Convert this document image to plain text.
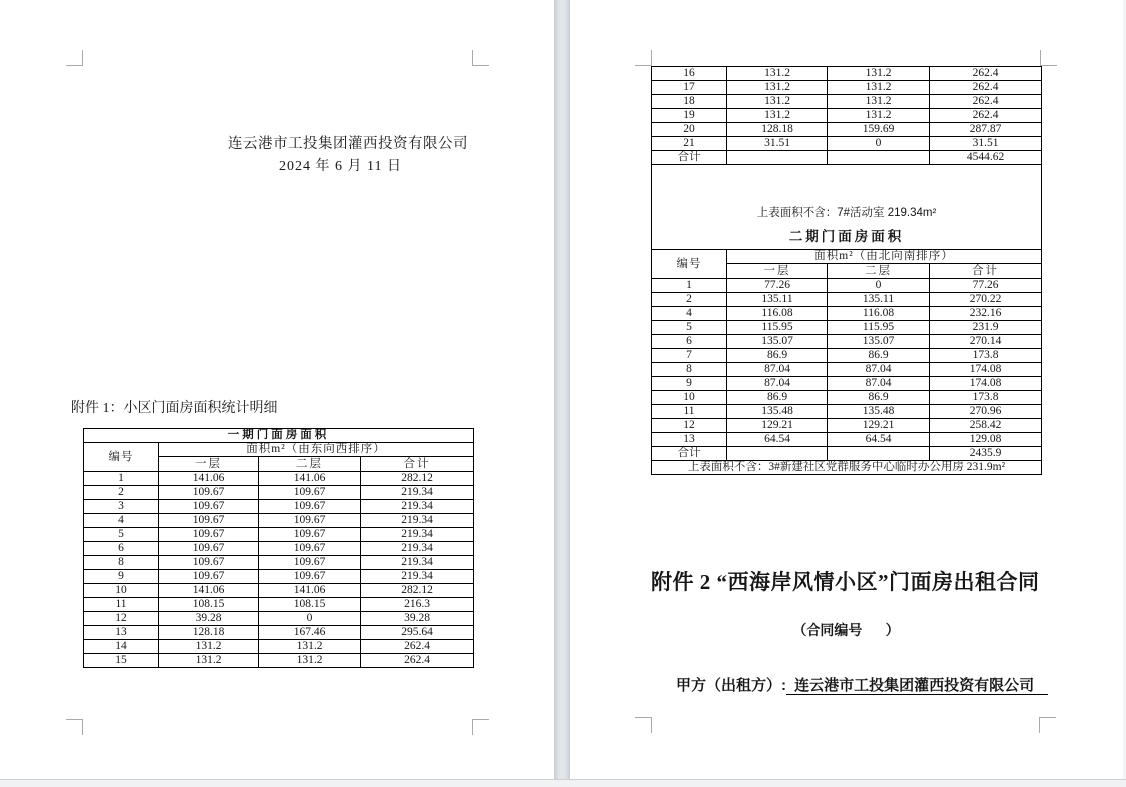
连云港市工投集团灌西投资有限公司
2024 年 6 月 11 日
附件 1：小区门面房面积统计明细
一期门面房面积			
编号	面积m²（由东向西排序）		
	一层	二层	合计
1	141.06	141.06	282.12
2	109.67	109.67	219.34
3	109.67	109.67	219.34
4	109.67	109.67	219.34
5	109.67	109.67	219.34
6	109.67	109.67	219.34
8	109.67	109.67	219.34
9	109.67	109.67	219.34
10	141.06	141.06	282.12
11	108.15	108.15	216.3
12	39.28	0	39.28
13	128.18	167.46	295.64
14	131.2	131.2	262.4
15	131.2	131.2	262.4
16	131.2	131.2	262.4
17	131.2	131.2	262.4
18	131.2	131.2	262.4
19	131.2	131.2	262.4
20	128.18	159.69	287.87
21	31.51	0	31.51
合计			4544.62

上表面积不含：7#活动室 219.34m²
二期门面房面积			

编号	面积m²（由北向南排序）		
	一层	二层	合计
1	77.26	0	77.26
2	135.11	135.11	270.22
4	116.08	116.08	232.16
5	115.95	115.95	231.9
6	135.07	135.07	270.14
7	86.9	86.9	173.8
8	87.04	87.04	174.08
9	87.04	87.04	174.08
10	86.9	86.9	173.8
11	135.48	135.48	270.96
12	129.21	129.21	258.42
13	64.54	64.54	129.08
合计			2435.9
上表面积不含：3#新建社区党群服务中心临时办公用房 231.9m²			
附件 2 “西海岸风情小区”门面房出租合同
（合同编号      ）

甲方（出租方）: 连云港市工投集团灌西投资有限公司
